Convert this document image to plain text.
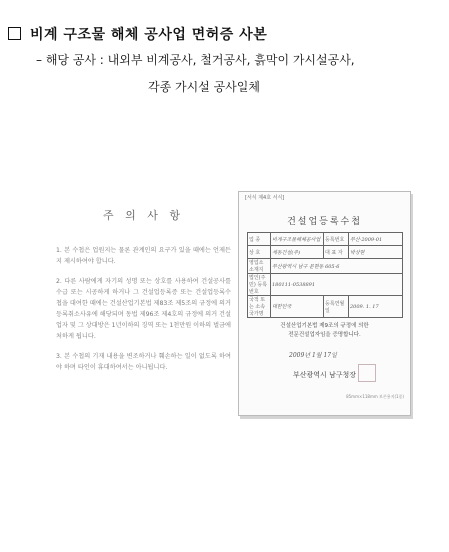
비계 구조물 해체 공사업 면허증 사본
– 해당 공사 : 내외부 비계공사, 철거공사, 흙막이 가시설공사,
각종 가시설 공사일체
주 의 사 항
1. 본 수첩은 업원지는 물론 관계인의 요구가 있을 때에는 언제든지 제시하여야 합니다.
2. 다른 사람에게 자기의 성명 또는 상호를 사용하여 건설공사를 수급 또는 시공하게 하거나 그 건설업등록증 또는 건설업등록수첩을 대여한 때에는 건설산업기본법 제83조 제5조의 규정에 의거 등록취소사유에 해당되며 동법 제96조 제4호의 규정에 의거 건설업자 및 그 상대방은 1년이하의 징역 또는 1천만원 이하의 벌금에 처하게 됩니다.
3. 본 수첩의 기재 내용을 변조하거나 훼손하는 일이 없도록 하여야 하며 타인이 휴대하여서는 아니됩니다.
[서식 제4호 서식]
건설업등록수첩
업 종	비계구조물해체공사업	등록번호	부산-2009-01
상 호	세동건설(주)	대 표 자	박상현
영업소 소재지	부산광역시 남구 문현동 605-6		
법인(주민) 등록번호	180111-0538891		
국적 또는 소속국가명	대한민국	등록연월일	2009. 1. 17
건설산업기본법 제9조의 규정에 의한
전문건설업자임을 증명합니다.
2009년 1월 17일
부산광역시 남구청장
85mm×118mm 보존용지(1종)
